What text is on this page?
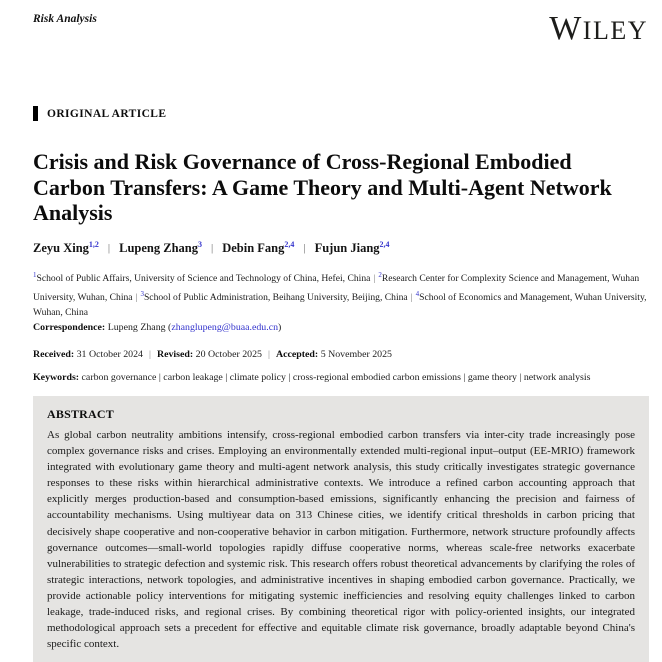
Risk Analysis	WILEY
ORIGINAL ARTICLE
Crisis and Risk Governance of Cross-Regional Embodied Carbon Transfers: A Game Theory and Multi-Agent Network Analysis
Zeyu Xing$^{1,2}$ | Lupeng Zhang$^3$ | Debin Fang$^{2,4}$ | Fujun Jiang$^{2,4}$

$^1$School of Public Affairs, University of Science and Technology of China, Hefei, China | $^2$Research Center for Complexity Science and Management, Wuhan University, Wuhan, China | $^3$School of Public Administration, Beihang University, Beijing, China | $^4$School of Economics and Management, Wuhan University, Wuhan, China

Correspondence: Lupeng Zhang (zhanglupeng@buaa.edu.cn)

Received: 31 October 2024 | Revised: 20 October 2025 | Accepted: 5 November 2025

Keywords: carbon governance | carbon leakage | climate policy | cross-regional embodied carbon emissions | game theory | network analysis

ABSTRACT

As global carbon neutrality ambitions intensify, cross-regional embodied carbon transfers via inter-city trade increasingly pose complex governance risks and crises. Employing an environmentally extended multi-regional input–output (EE-MRIO) framework integrated with evolutionary game theory and multi-agent network analysis, this study critically investigates strategic governance responses to these risks within hierarchical administrative contexts. We introduce a refined carbon accounting approach that explicitly merges production-based and consumption-based emissions, significantly enhancing the precision and fairness of accountability mechanisms. Using multiyear data on 313 Chinese cities, we identify critical thresholds in carbon pricing that decisively shape cooperative and non-cooperative behavior in carbon mitigation. Furthermore, network structure profoundly affects governance outcomes—small-world topologies rapidly diffuse cooperative norms, whereas scale-free networks exacerbate vulnerabilities to strategic defection and systemic risk. This research offers robust theoretical advancements by clarifying the roles of strategic interactions, network topologies, and administrative incentives in shaping embodied carbon governance. Practically, we provide actionable policy interventions for mitigating systemic inefficiencies and resolving equity challenges linked to carbon leakage, trade-induced risks, and regional crises. By combining theoretical rigor with policy-oriented insights, our integrated methodological approach sets a precedent for effective and equitable climate risk governance, broadly adaptable beyond China's specific context.
